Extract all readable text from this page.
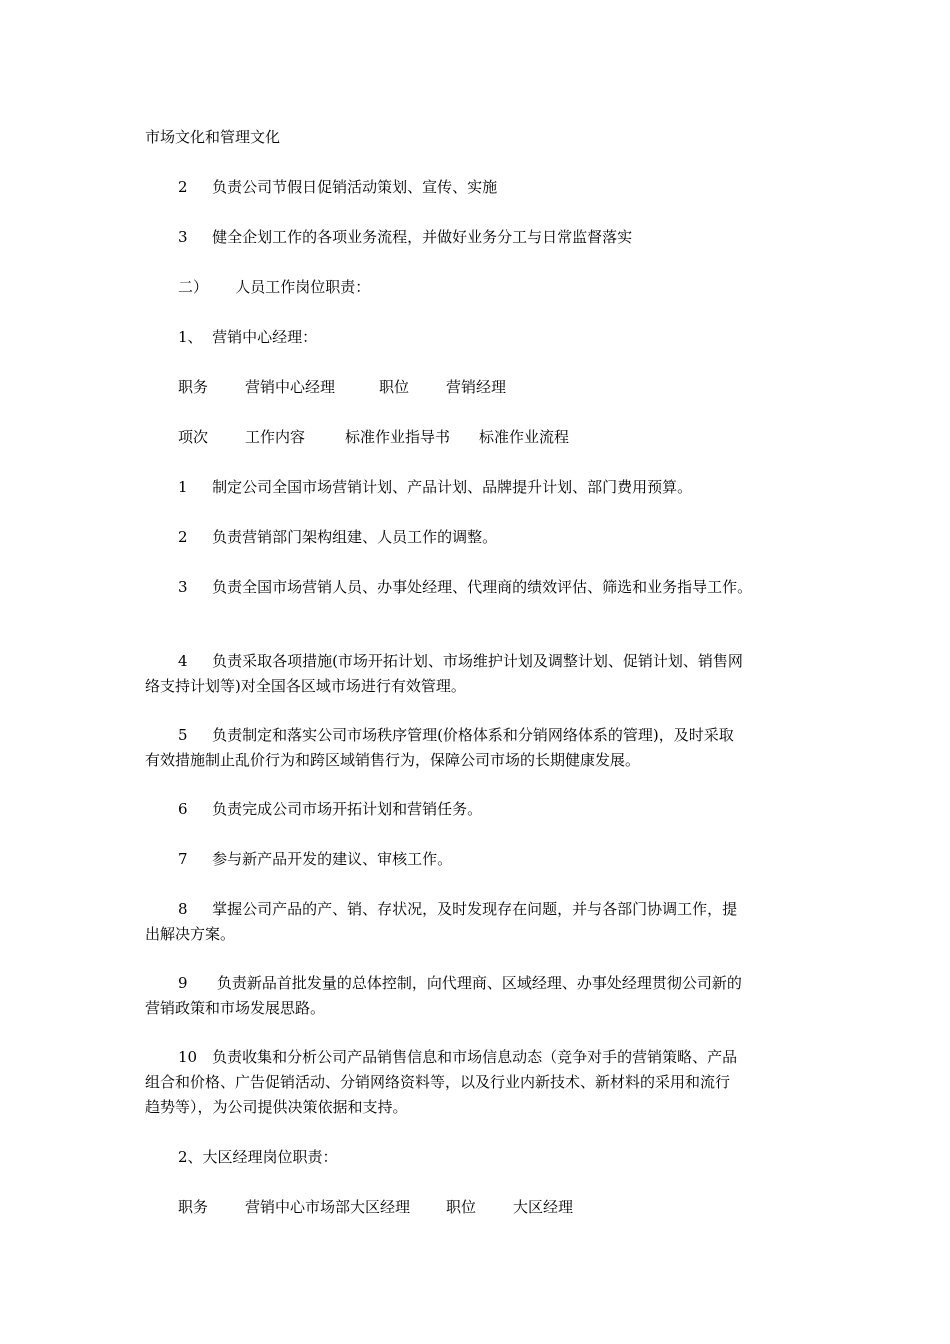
市场文化和管理文化
2　  负责公司节假日促销活动策划、宣传、实施
3　  健全企划工作的各项业务流程，并做好业务分工与日常监督落实
二）　　 人员工作岗位职责：
1、  营销中心经理：
职务 营销中心经理	职位 营销经理
项次 工作内容	标准作业指导书 标准作业流程
1　  制定公司全国市场营销计划、产品计划、品牌提升计划、部门费用预算。
2　  负责营销部门架构组建、人员工作的调整。
3　  负责全国市场营销人员、办事处经理、代理商的绩效评估、筛选和业务指导工作。
4　  负责采取各项措施(市场开拓计划、市场维护计划及调整计划、促销计划、销售网
络支持计划等)对全国各区域市场进行有效管理。
5　  负责制定和落实公司市场秩序管理(价格体系和分销网络体系的管理)，及时采取
有效措施制止乱价行为和跨区域销售行为，保障公司市场的长期健康发展。
6　  负责完成公司市场开拓计划和营销任务。
7　  参与新产品开发的建议、审核工作。
8　  掌握公司产品的产、销、存状况，及时发现存在问题，并与各部门协调工作，提
出解决方案。
9　   负责新品首批发量的总体控制，向代理商、区域经理、办事处经理贯彻公司新的
营销政策和市场发展思路。
10　负责收集和分析公司产品销售信息和市场信息动态（竞争对手的营销策略、产品
组合和价格、广告促销活动、分销网络资料等，以及行业内新技术、新材料的采用和流行
趋势等），为公司提供决策依据和支持。
2、大区经理岗位职责：
职务 营销中心市场部大区经理 职位 大区经理
